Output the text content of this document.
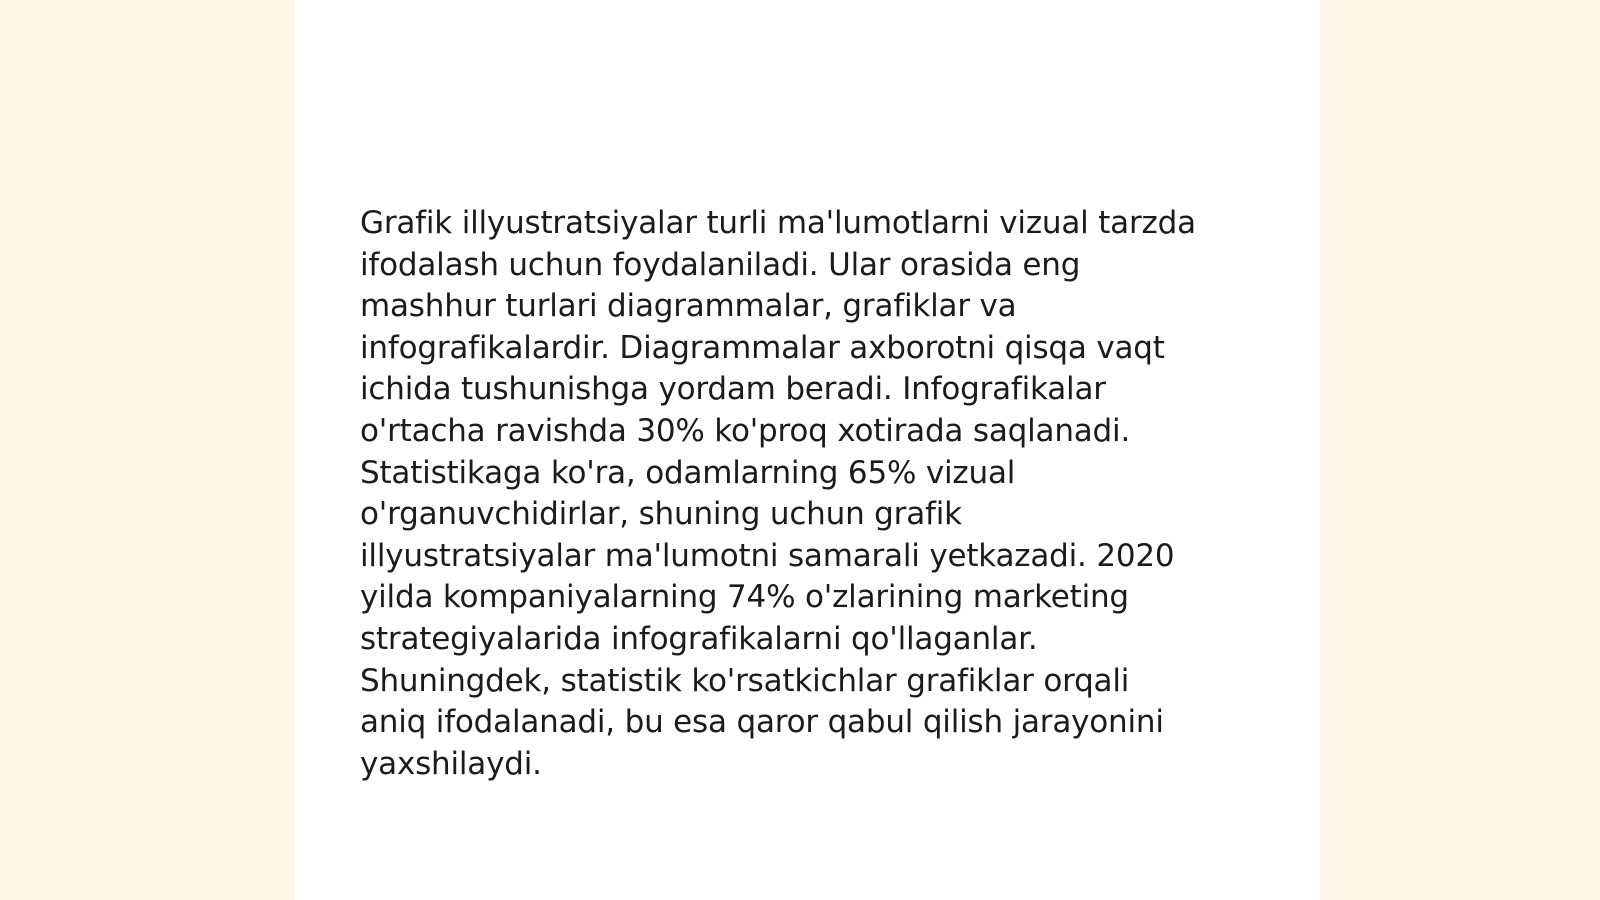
Grafik illyustratsiyalar turli ma'lumotlarni vizual tarzda
ifodalash uchun foydalaniladi. Ular orasida eng
mashhur turlari diagrammalar, grafiklar va
infografikalardir. Diagrammalar axborotni qisqa vaqt
ichida tushunishga yordam beradi. Infografikalar
o'rtacha ravishda 30% ko'proq xotirada saqlanadi.
Statistikaga ko'ra, odamlarning 65% vizual
o'rganuvchidirlar, shuning uchun grafik
illyustratsiyalar ma'lumotni samarali yetkazadi. 2020
yilda kompaniyalarning 74% o'zlarining marketing
strategiyalarida infografikalarni qo'llaganlar.
Shuningdek, statistik ko'rsatkichlar grafiklar orqali
aniq ifodalanadi, bu esa qaror qabul qilish jarayonini
yaxshilaydi.
